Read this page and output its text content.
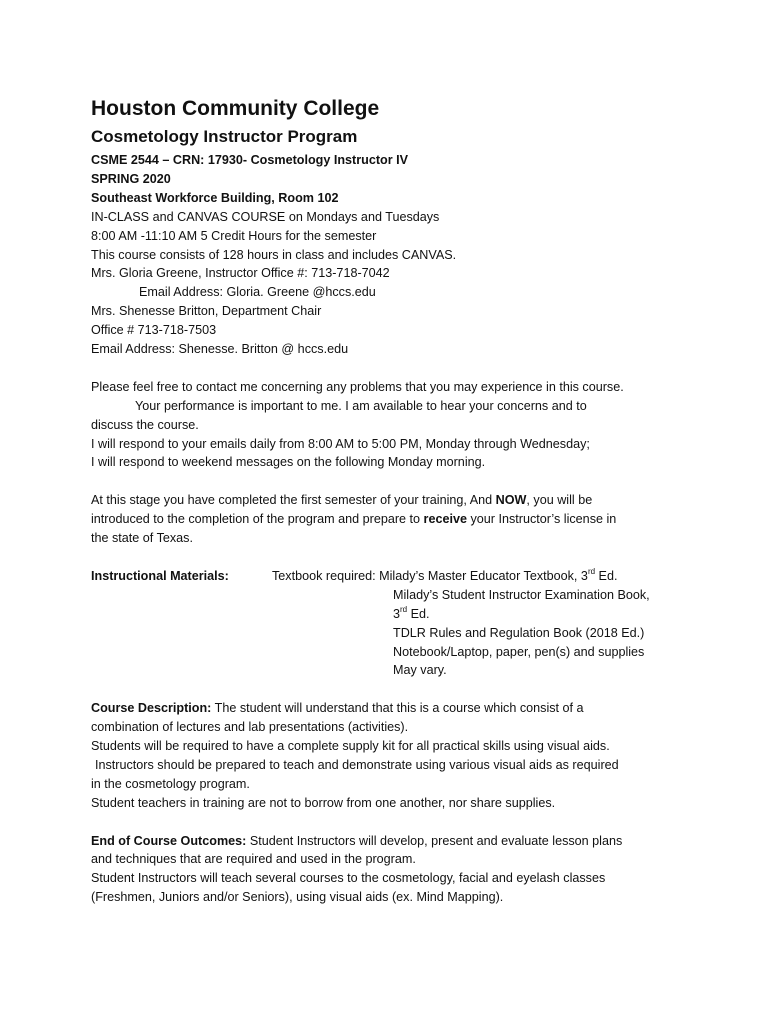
Houston Community College
Cosmetology Instructor Program
CSME 2544 – CRN: 17930- Cosmetology Instructor IV
SPRING 2020
Southeast Workforce Building, Room 102
IN-CLASS and CANVAS COURSE on Mondays and Tuesdays
8:00 AM -11:10 AM 5 Credit Hours for the semester
This course consists of 128 hours in class and includes CANVAS.
Mrs. Gloria Greene, Instructor Office #: 713-718-7042
Email Address: Gloria. Greene @hccs.edu
Mrs. Shenesse Britton, Department Chair
Office # 713-718-7503
Email Address: Shenesse. Britton @ hccs.edu
Please feel free to contact me concerning any problems that you may experience in this course.
Your performance is important to me. I am available to hear your concerns and to
discuss the course.
I will respond to your emails daily from 8:00 AM to 5:00 PM, Monday through Wednesday;
I will respond to weekend messages on the following Monday morning.
At this stage you have completed the first semester of your training, And NOW, you will be
introduced to the completion of the program and prepare to receive your Instructor’s license in
the state of Texas.
Instructional Materials:	Textbook required: Milady’s Master Educator Textbook, 3rd Ed.
Milady’s Student Instructor Examination Book,
3rd Ed.
TDLR Rules and Regulation Book (2018 Ed.)
Notebook/Laptop, paper, pen(s) and supplies
May vary.
Course Description: The student will understand that this is a course which consist of a
combination of lectures and lab presentations (activities).
Students will be required to have a complete supply kit for all practical skills using visual aids.
Instructors should be prepared to teach and demonstrate using various visual aids as required
in the cosmetology program.
Student teachers in training are not to borrow from one another, nor share supplies.
End of Course Outcomes: Student Instructors will develop, present and evaluate lesson plans
and techniques that are required and used in the program.
Student Instructors will teach several courses to the cosmetology, facial and eyelash classes
(Freshmen, Juniors and/or Seniors), using visual aids (ex. Mind Mapping).
